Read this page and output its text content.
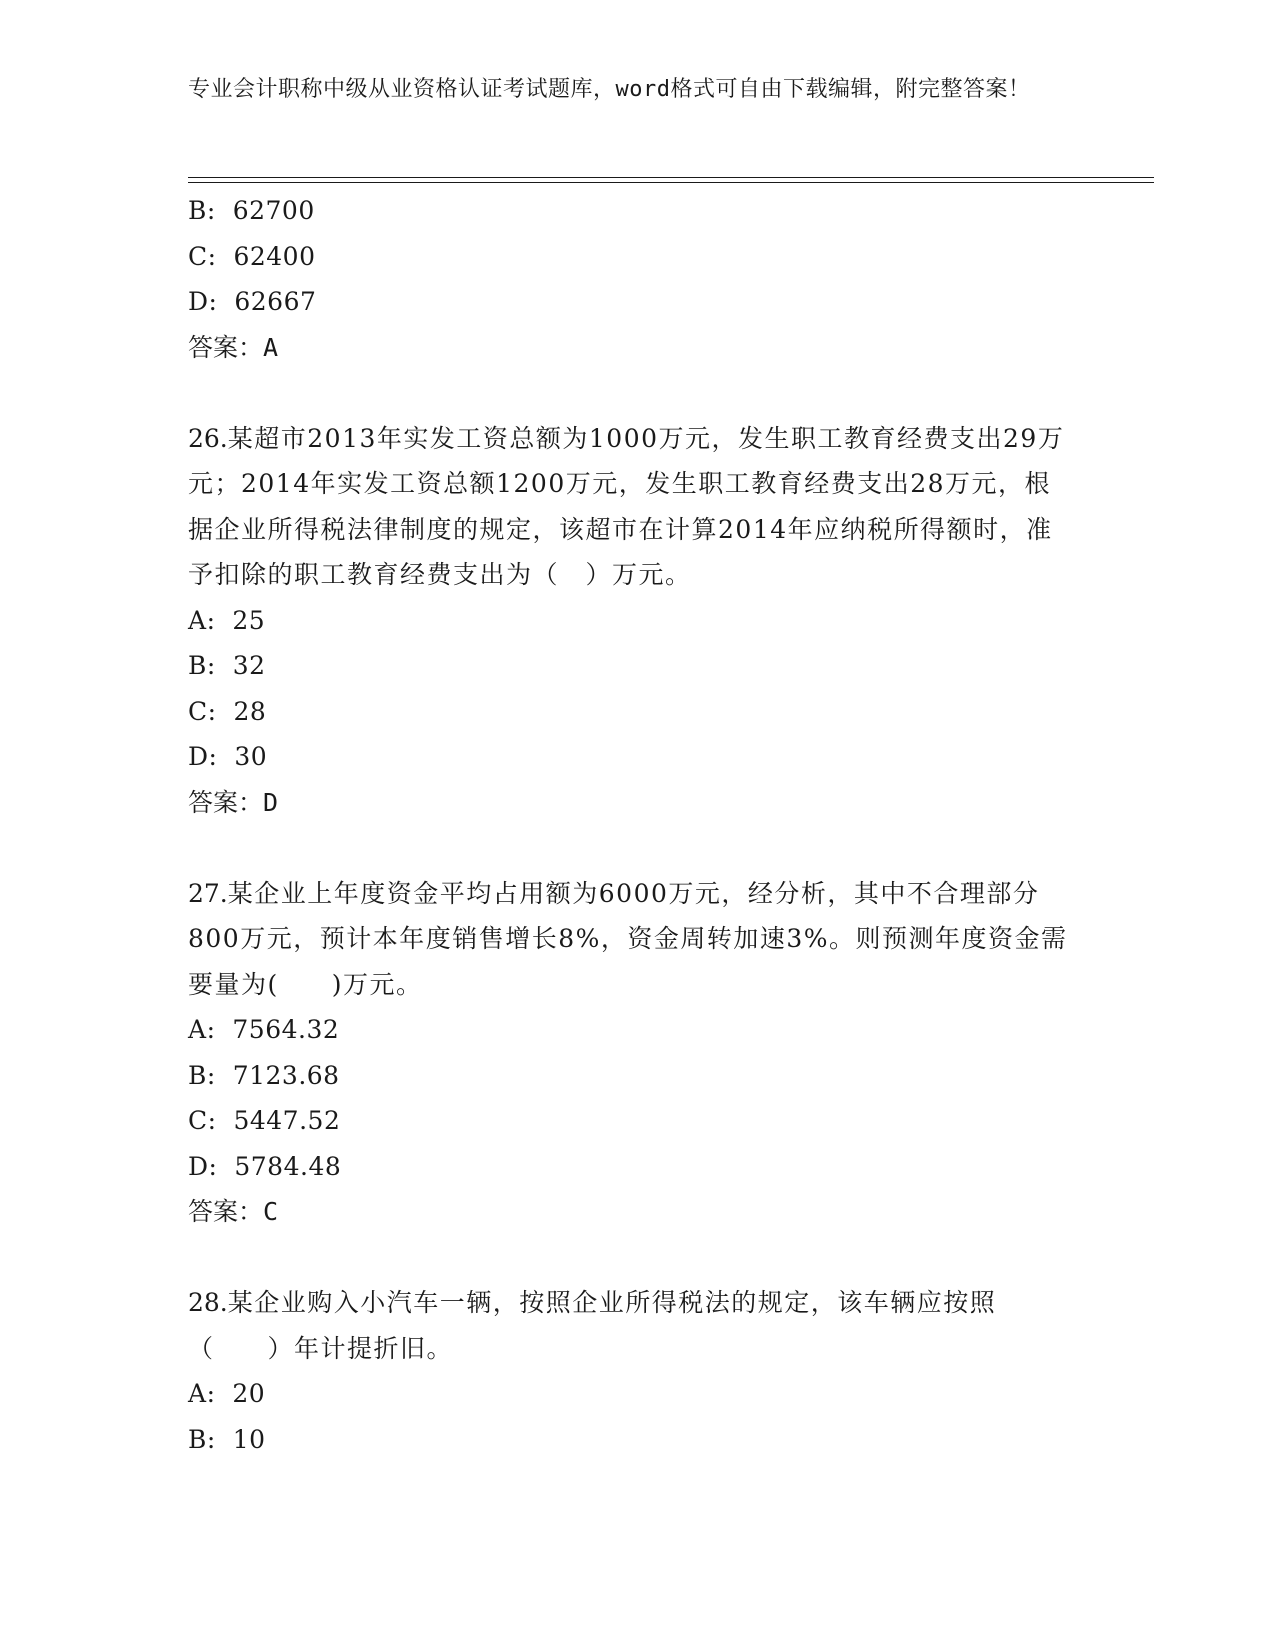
专业会计职称中级从业资格认证考试题库，word格式可自由下载编辑，附完整答案！
B:  62700
C:  62400
D:  62667
答案：A
26.某超市2013年实发工资总额为1000万元，发生职工教育经费支出29万元；2014年实发工资总额1200万元，发生职工教育经费支出28万元，根据企业所得税法律制度的规定，该超市在计算2014年应纳税所得额时，准予扣除的职工教育经费支出为（　）万元。
A:  25
B:  32
C:  28
D:  30
答案：D
27.某企业上年度资金平均占用额为6000万元，经分析，其中不合理部分800万元，预计本年度销售增长8%，资金周转加速3%。则预测年度资金需要量为(　　)万元。
A:  7564.32
B:  7123.68
C:  5447.52
D:  5784.48
答案：C
28.某企业购入小汽车一辆，按照企业所得税法的规定，该车辆应按照（　　）年计提折旧。
A:  20
B:  10
